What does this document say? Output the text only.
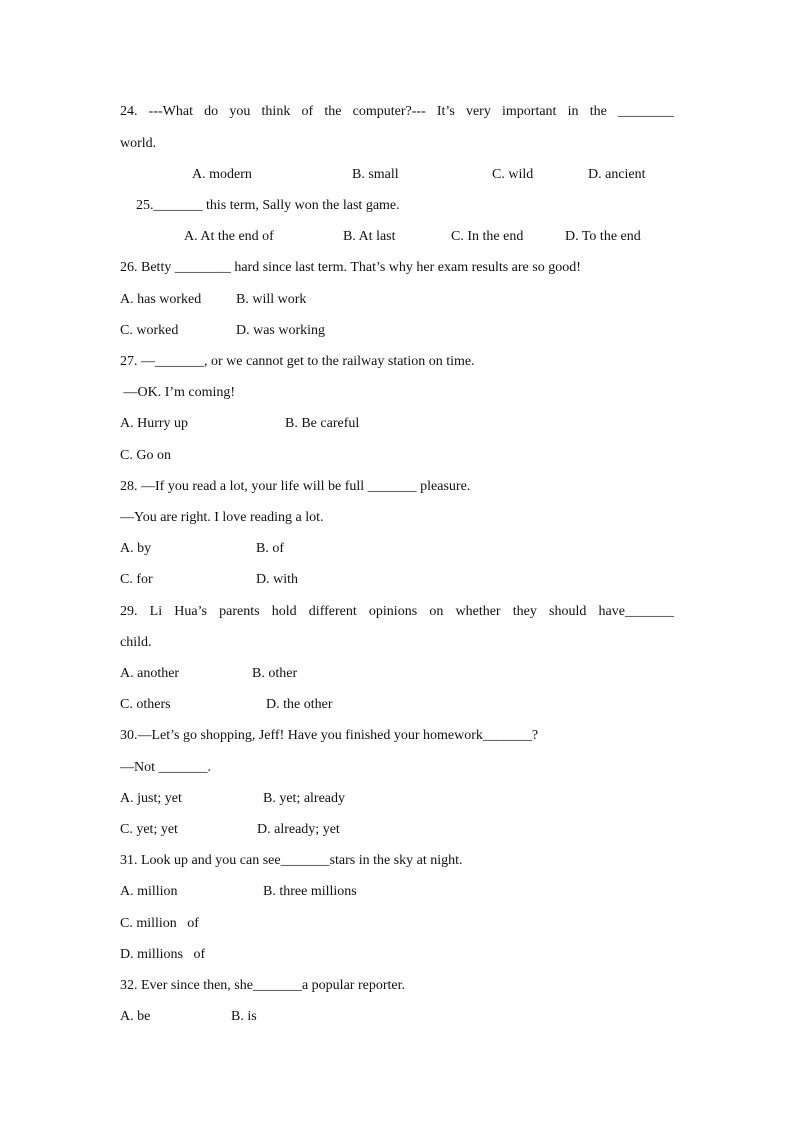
24. ---What do you think of the computer?--- It’s very important in the ________
world.
A. modern	B. small	C. wild	D. ancient
25._______ this term, Sally won the last game.
A. At the end of	B. At last	C. In the end	D. To the end
26. Betty ________ hard since last term. That’s why her exam results are so good!
A. has worked B. will work
C. worked	D. was working
27. —_______, or we cannot get to the railway station on time.
—OK. I’m coming!
A. Hurry up	B. Be careful
C. Go on
28. —If you read a lot, your life will be full _______ pleasure.
—You are right. I love reading a lot.
A. by	B. of
C. for	D. with
29. Li Hua’s parents hold different opinions on whether they should have_______
child.
A. another	B. other
C. others	D. the other
30.—Let’s go shopping, Jeff! Have you finished your homework_______?
—Not _______.
A. just; yet	B. yet; already
C. yet; yet	D. already; yet
31. Look up and you can see_______stars in the sky at night.
A. million	B. three millions
C. million   of
D. millions   of
32. Ever since then, she_______a popular reporter.
A. be	B. is
